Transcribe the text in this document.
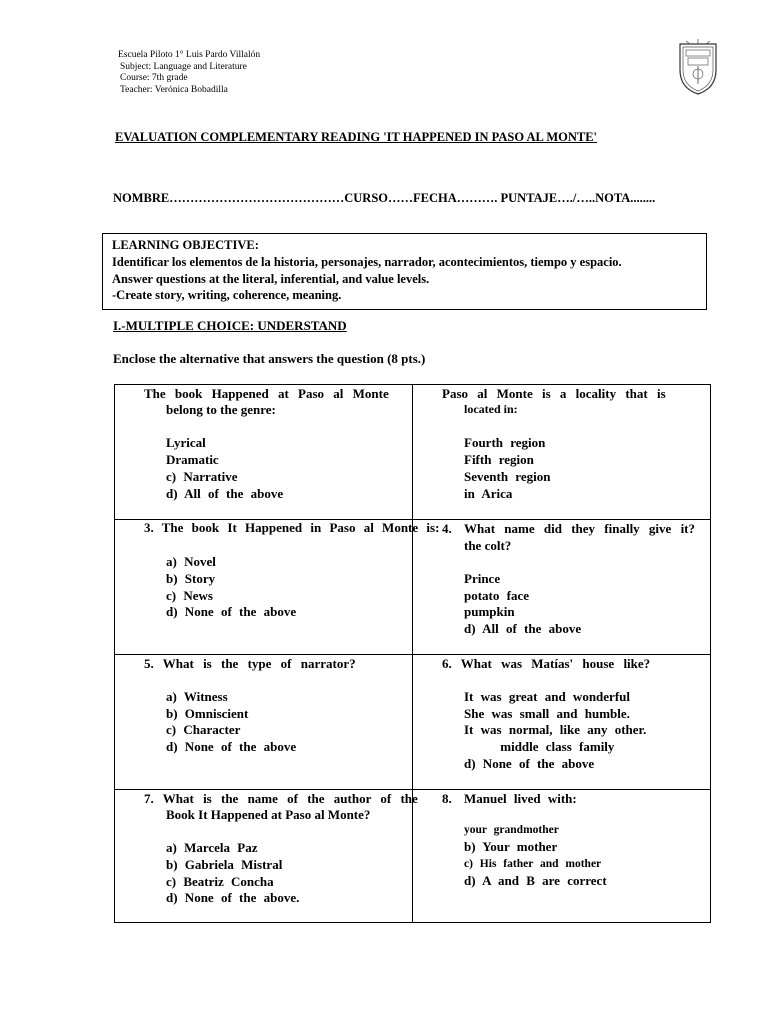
Escuela Piloto 1° Luis Pardo Villalón
Subject: Language and Literature
Course: 7th grade
Teacher: Verónica Bobadilla
EVALUATION COMPLEMENTARY READING 'IT HAPPENED IN PASO AL MONTE'
NOMBRE……………………………………CURSO……FECHA………. PUNTAJE…./…..NOTA........
LEARNING OBJECTIVE:
Identificar los elementos de la historia, personajes, narrador, acontecimientos, tiempo y espacio.
Answer questions at the literal, inferential, and value levels.
-Create story, writing, coherence, meaning.
I.-MULTIPLE CHOICE: UNDERSTAND
Enclose the alternative that answers the question (8 pts.)
The book Happened at Paso al Monte
belong to the genre:
Lyrical
Dramatic
c) Narrative
d) All of the above
Paso al Monte is a locality that is
located in:
Fourth region
Fifth region
Seventh region
in Arica
3. The book It Happened in Paso al Monte is:
a) Novel
b) Story
c) News
d) None of the above
4. What name did they finally give it?
the colt?
Prince
potato face
pumpkin
d) All of the above
5. What is the type of narrator?
a) Witness
b) Omniscient
c) Character
d) None of the above
6. What was Matías' house like?
It was great and wonderful
She was small and humble.
It was normal, like any other.
middle class family
d) None of the above
7. What is the name of the author of the
Book It Happened at Paso al Monte?
a) Marcela Paz
b) Gabriela Mistral
c) Beatriz Concha
d) None of the above.
8. Manuel lived with:
your grandmother
b) Your mother
c) His father and mother
d) A and B are correct
